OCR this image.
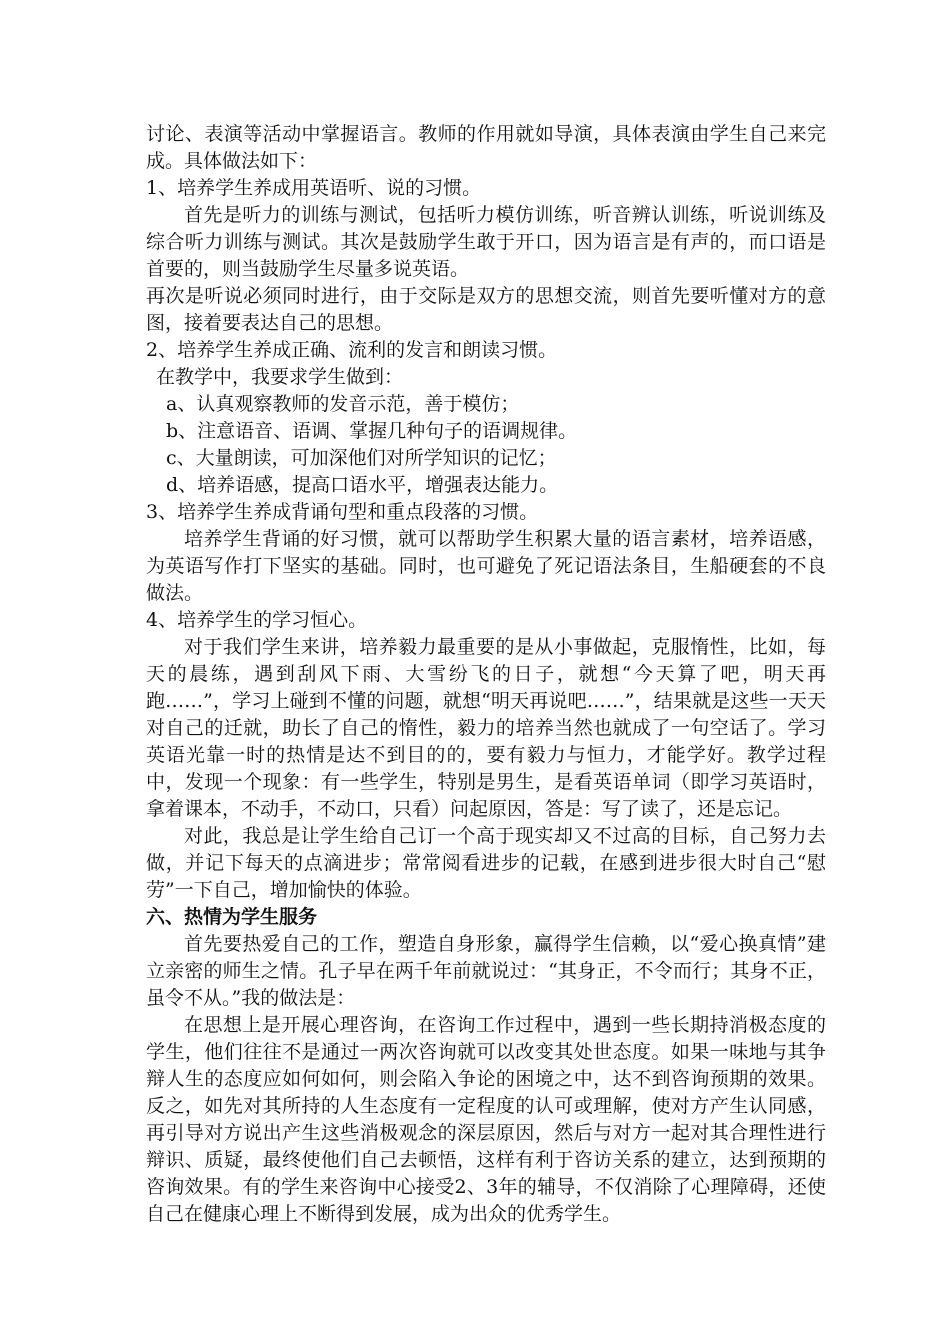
讨论、表演等活动中掌握语言。教师的作用就如导演，具体表演由学生自己来完成。具体做法如下：

1、培养学生养成用英语听、说的习惯。

首先是听力的训练与测试，包括听力模仿训练，听音辨认训练，听说训练及综合听力训练与测试。其次是鼓励学生敢于开口，因为语言是有声的，而口语是首要的，则当鼓励学生尽量多说英语。

再次是听说必须同时进行，由于交际是双方的思想交流，则首先要听懂对方的意图，接着要表达自己的思想。

2、培养学生养成正确、流利的发言和朗读习惯。

在教学中，我要求学生做到：

a、认真观察教师的发音示范，善于模仿；

b、注意语音、语调、掌握几种句子的语调规律。

c、大量朗读，可加深他们对所学知识的记忆；

d、培养语感，提高口语水平，增强表达能力。

3、培养学生养成背诵句型和重点段落的习惯。

培养学生背诵的好习惯，就可以帮助学生积累大量的语言素材，培养语感，为英语写作打下坚实的基础。同时，也可避免了死记语法条目，生船硬套的不良做法。

4、培养学生的学习恒心。

对于我们学生来讲，培养毅力最重要的是从小事做起，克服惰性，比如，每天的晨练，遇到刮风下雨、大雪纷飞的日子，就想“今天算了吧，明天再跑……”，学习上碰到不懂的问题，就想“明天再说吧……”，结果就是这些一天天对自己的迁就，助长了自己的惰性，毅力的培养当然也就成了一句空话了。学习英语光靠一时的热情是达不到目的的，要有毅力与恒力，才能学好。教学过程中，发现一个现象：有一些学生，特别是男生，是看英语单词（即学习英语时，拿着课本，不动手，不动口，只看）问起原因，答是：写了读了，还是忘记。

对此，我总是让学生给自己订一个高于现实却又不过高的目标，自己努力去做，并记下每天的点滴进步；常常阅看进步的记载，在感到进步很大时自己“慰劳”一下自己，增加愉快的体验。

六、热情为学生服务

首先要热爱自己的工作，塑造自身形象，赢得学生信赖，以“爱心换真情”建立亲密的师生之情。孔子早在两千年前就说过：“其身正，不令而行；其身不正，虽令不从。”我的做法是：

在思想上是开展心理咨询，在咨询工作过程中，遇到一些长期持消极态度的学生，他们往往不是通过一两次咨询就可以改变其处世态度。如果一味地与其争辩人生的态度应如何如何，则会陷入争论的困境之中，达不到咨询预期的效果。反之，如先对其所持的人生态度有一定程度的认可或理解，使对方产生认同感，再引导对方说出产生这些消极观念的深层原因，然后与对方一起对其合理性进行辩识、质疑，最终使他们自己去顿悟，这样有利于咨访关系的建立，达到预期的咨询效果。有的学生来咨询中心接受2、3年的辅导，不仅消除了心理障碍，还使自己在健康心理上不断得到发展，成为出众的优秀学生。
